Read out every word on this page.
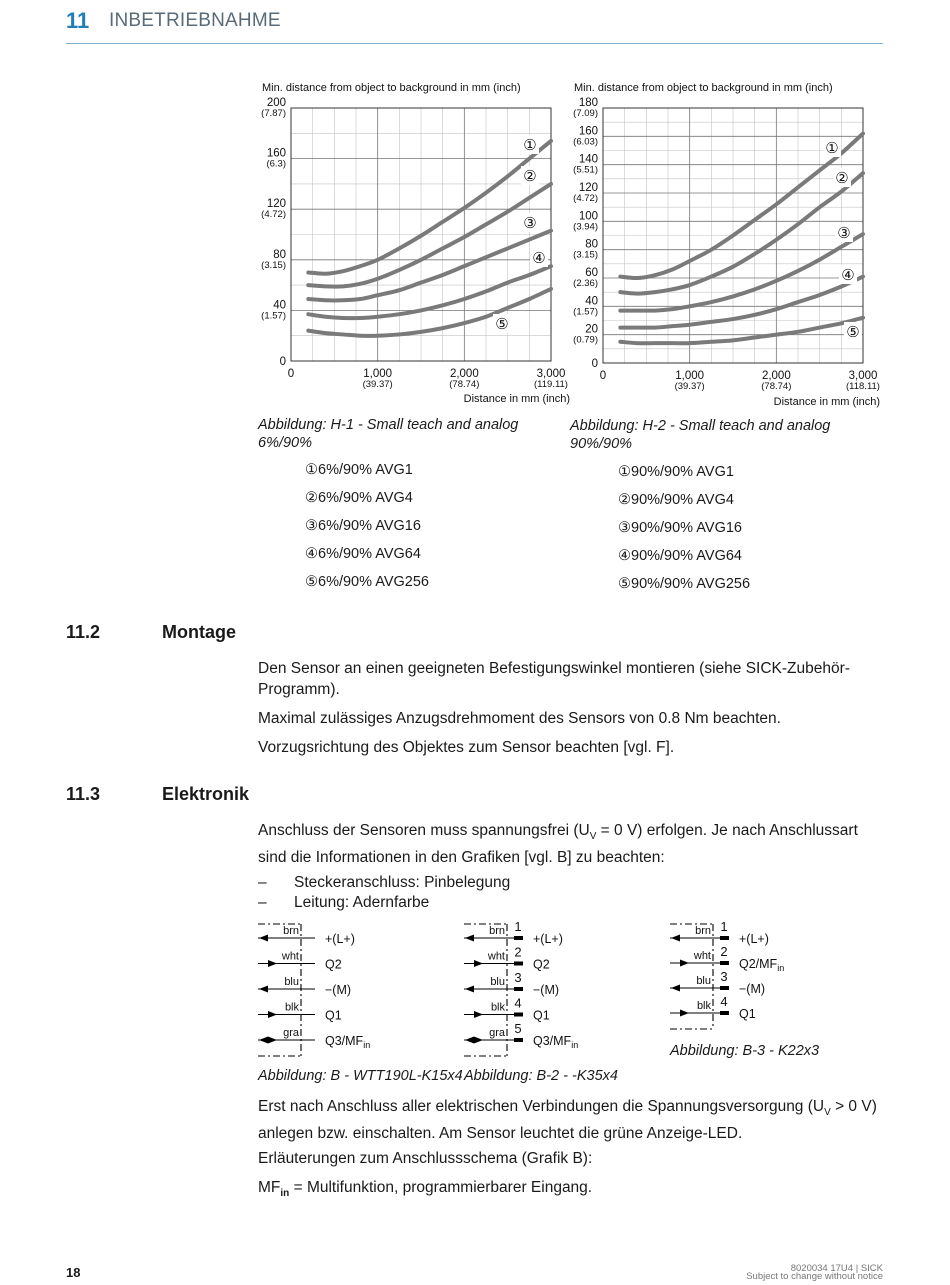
11 INBETRIEBNAHME
Min. distance from object to background in mm (inch)
0
40
(1.57)
80
(3.15)
120
(4.72)
160
(6.3)
200
(7.87)
0	1,000
(39.37)
2,000
(78.74)
3,000
(119.11)
①
②
③
④
⑤
Distance in mm (inch)
Min. distance from object to background in mm (inch)
0
20
(0.79)
40
(1.57)
60
(2.36)
80
(3.15)
100
(3.94)
120
(4.72)
140
(5.51)
160
(6.03)
180
(7.09)
0	1,000
(39.37)
2,000
(78.74)
3,000
(118.11)
①
②
③
④
⑤
Distance in mm (inch)
Abbildung: H-1 - Small teach and analog 6%/90%
Abbildung: H-2 - Small teach and analog 90%/90%
①6%/90% AVG1
②6%/90% AVG4
③6%/90% AVG16
④6%/90% AVG64
⑤6%/90% AVG256
①90%/90% AVG1
②90%/90% AVG4
③90%/90% AVG16
④90%/90% AVG64
⑤90%/90% AVG256
11.2	Montage
Den Sensor an einen geeigneten Befestigungswinkel montieren (siehe SICK-Zubehör-Programm).
Maximal zulässiges Anzugsdrehmoment des Sensors von 0.8 Nm beachten.
Vorzugsrichtung des Objektes zum Sensor beachten [vgl. F].
11.3	Elektronik
Anschluss der Sensoren muss spannungsfrei ($U_V = 0$ V) erfolgen. Je nach Anschlussart sind die Informationen in den Grafiken [vgl. B] zu beachten:
– Steckeranschluss: Pinbelegung
– Leitung: Adernfarbe
brn
+(L+)
wht
Q2
blu
−(M)
blk
Q1
gra
$Q3/MF_{in}$
brn 1
+(L+)
wht 2
Q2
blu 3
−(M)
blk 4
Q1
gra 5
$Q3/MF_{in}$
brn 1
+(L+)
wht 2
$Q2/MF_{in}$
blu 3
−(M)
blk 4
Q1
Abbildung: B - WTT190L-K15x4 Abbildung: B-2 - -K35x4
Abbildung: B-3 - K22x3
Erst nach Anschluss aller elektrischen Verbindungen die Spannungsversorgung ($U_V > 0$ V) anlegen bzw. einschalten. Am Sensor leuchtet die grüne Anzeige-LED.
Erläuterungen zum Anschlussschema (Grafik B):
$MF_{in}$ = Multifunktion, programmierbarer Eingang.
18	8020034 17U4 | SICK
Subject to change without notice
